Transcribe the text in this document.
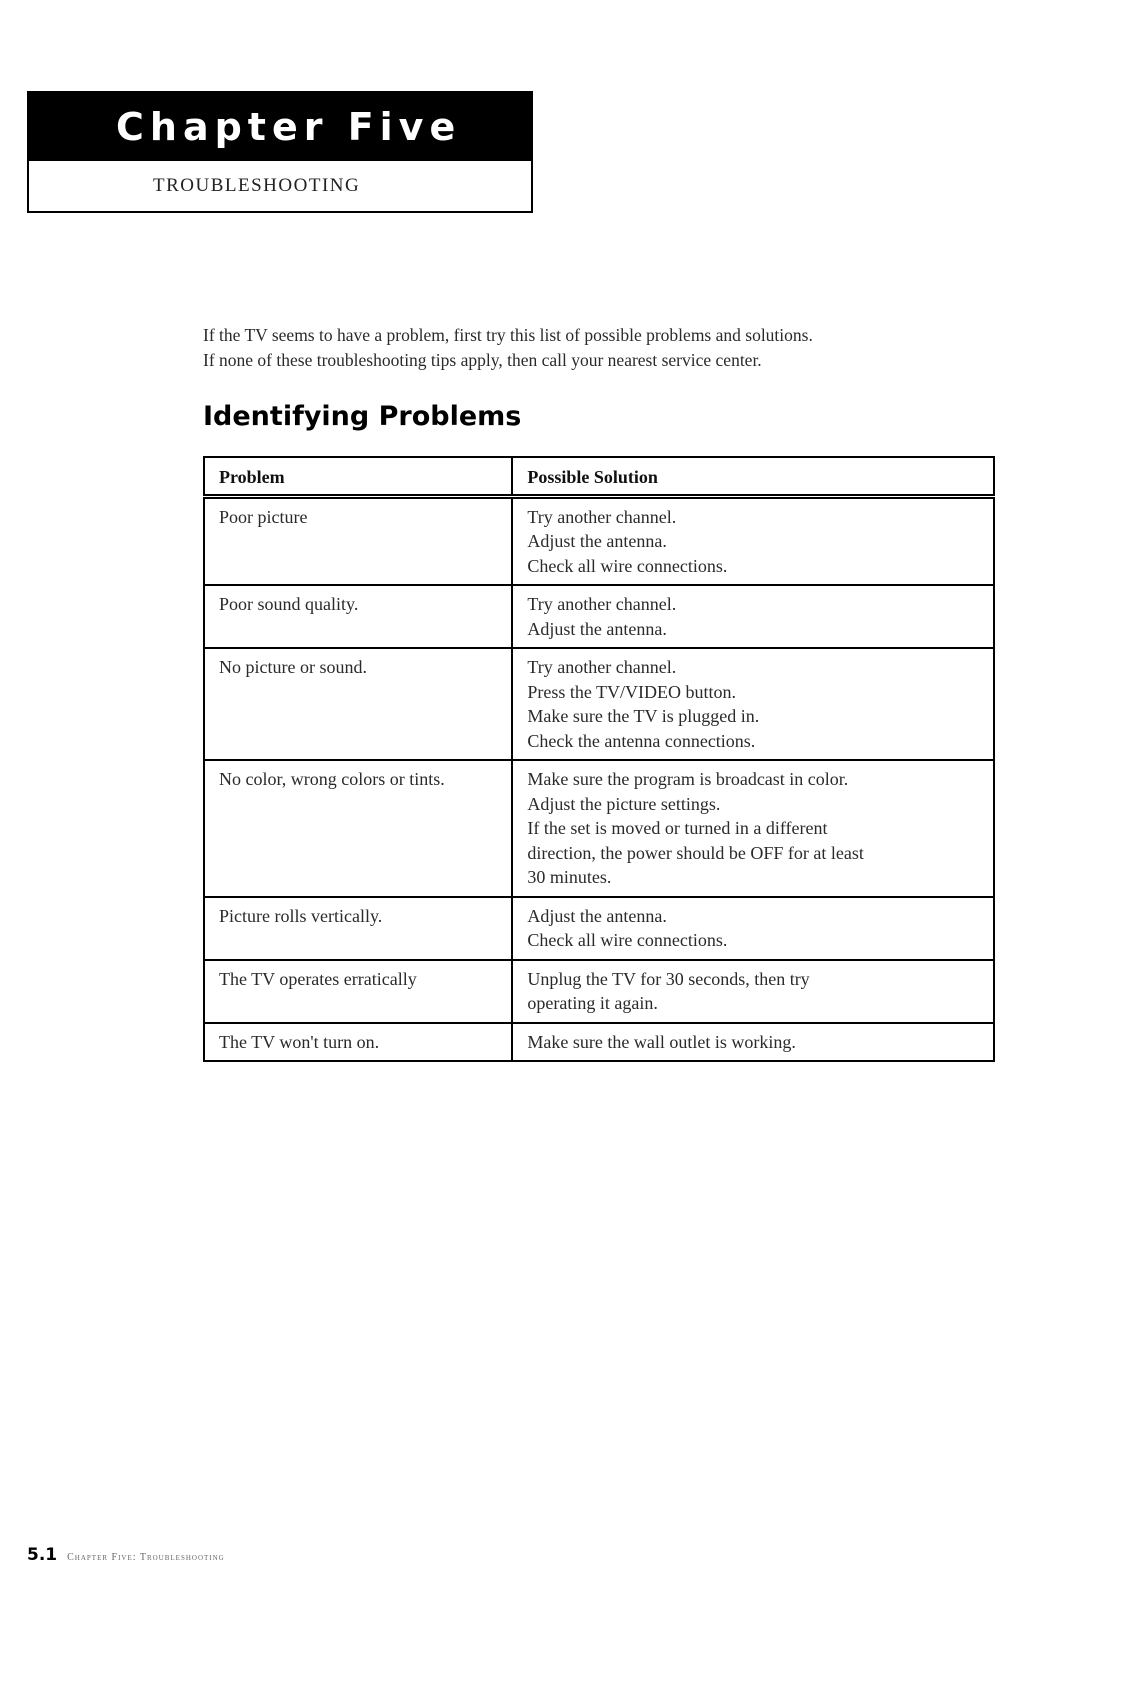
Chapter Five
TROUBLESHOOTING

If the TV seems to have a problem, first try this list of possible problems and solutions.

If none of these troubleshooting tips apply, then call your nearest service center.

Identifying Problems
Problem	Possible Solution
Poor picture	Try another channel.
Adjust the antenna.
Check all wire connections.

Poor sound quality.	Try another channel.
Adjust the antenna.

No picture or sound.	Try another channel.
Press the TV/VIDEO button.
Make sure the TV is plugged in.
Check the antenna connections.

No color, wrong colors or tints.	Make sure the program is broadcast in color.
Adjust the picture settings.
If the set is moved or turned in a different
direction, the power should be OFF for at least
30 minutes.

Picture rolls vertically.	Adjust the antenna.
Check all wire connections.

The TV operates erratically	Unplug the TV for 30 seconds, then try
operating it again.

The TV won't turn on.	Make sure the wall outlet is working.
5.1 Chapter Five: Troubleshooting
